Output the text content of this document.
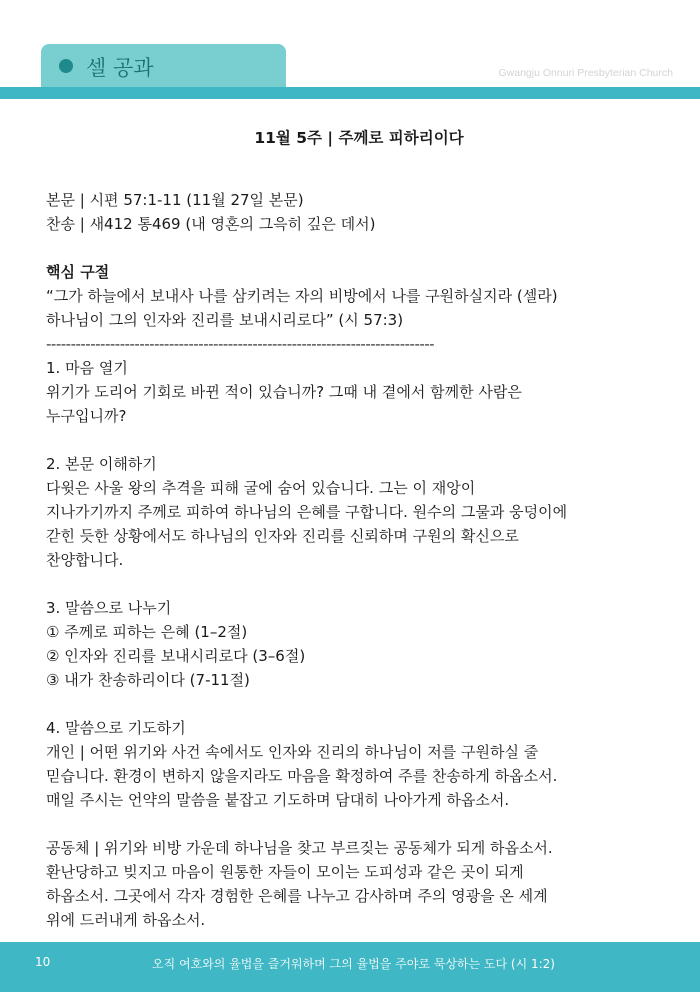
셀 공과	Gwangju Onnuri Presbyterian Church

11월 5주 | 주께로 피하리이다

본문 | 시편 57:1-11 (11월 27일 본문)

찬송 | 새412 통469 (내 영혼의 그윽히 깊은 데서)

핵심 구절

“그가 하늘에서 보내사 나를 삼키려는 자의 비방에서 나를 구원하실지라 (셀라)

하나님이 그의 인자와 진리를 보내시리로다” (시 57:3)

-------------------------------------------------------------------------------

1. 마음 열기

위기가 도리어 기회로 바뀐 적이 있습니까? 그때 내 곁에서 함께한 사람은

누구입니까?

2. 본문 이해하기

다윗은 사울 왕의 추격을 피해 굴에 숨어 있습니다. 그는 이 재앙이

지나가기까지 주께로 피하여 하나님의 은혜를 구합니다. 원수의 그물과 웅덩이에

갇힌 듯한 상황에서도 하나님의 인자와 진리를 신뢰하며 구원의 확신으로

찬양합니다.

3. 말씀으로 나누기

① 주께로 피하는 은혜 (1–2절)

② 인자와 진리를 보내시리로다 (3–6절)

③ 내가 찬송하리이다 (7-11절)

4. 말씀으로 기도하기

개인 | 어떤 위기와 사건 속에서도 인자와 진리의 하나님이 저를 구원하실 줄

믿습니다. 환경이 변하지 않을지라도 마음을 확정하여 주를 찬송하게 하옵소서.

매일 주시는 언약의 말씀을 붙잡고 기도하며 담대히 나아가게 하옵소서.

공동체 | 위기와 비방 가운데 하나님을 찾고 부르짖는 공동체가 되게 하옵소서.

환난당하고 빚지고 마음이 원통한 자들이 모이는 도피성과 같은 곳이 되게

하옵소서. 그곳에서 각자 경험한 은혜를 나누고 감사하며 주의 영광을 온 세계

위에 드러내게 하옵소서.

10	오직 여호와의 율법을 즐거워하며 그의 율법을 주야로 묵상하는 도다 (시 1:2)
